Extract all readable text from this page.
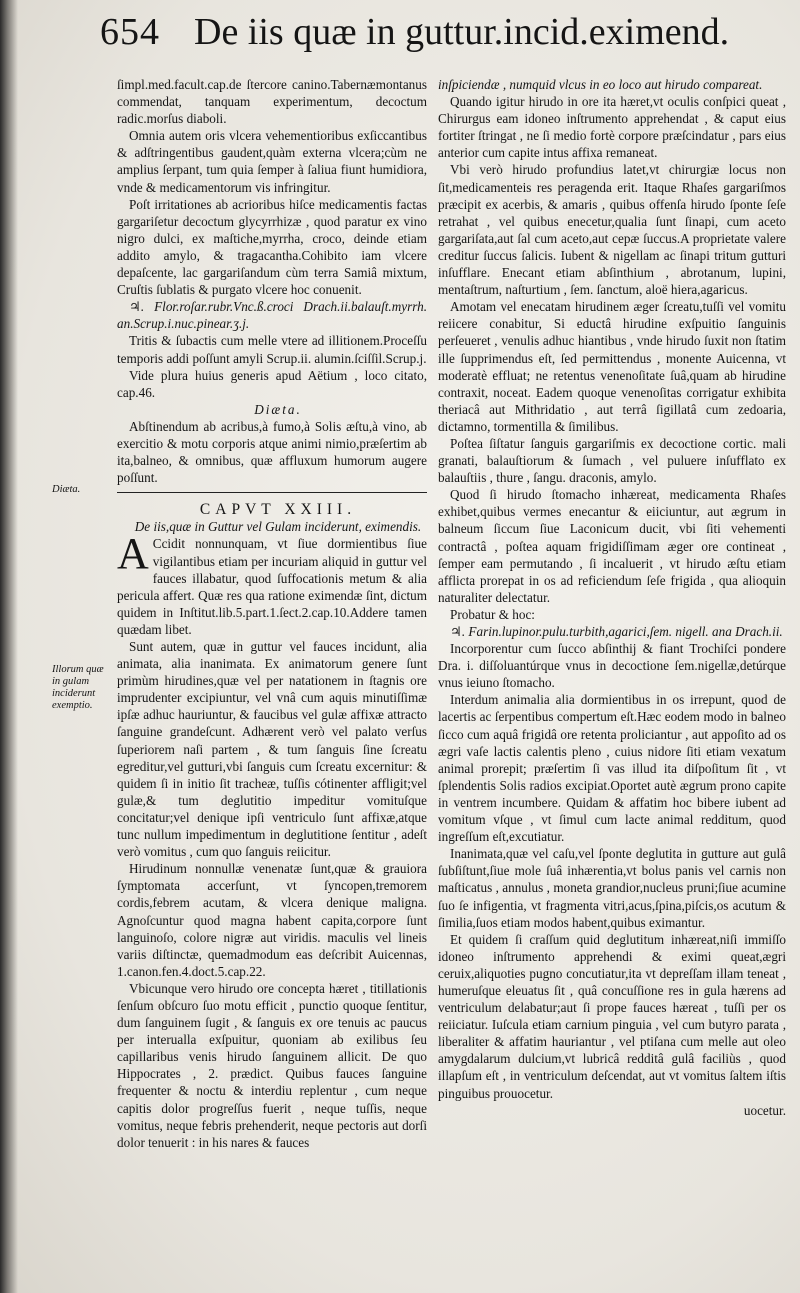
654 De iis quæ in guttur.incid.eximend.
Diæta.
Illorum quæ in gulam inciderunt exemptio.

ſimpl.med.facult.cap.de ſtercore canino.Tabernæmontanus commendat, tanquam experimentum, decoctum radic.morſus diaboli.

Omnia autem oris vlcera vehementioribus exſiccantibus & adſtringentibus gaudent,quàm externa vlcera;cùm ne amplius ſerpant, tum quia ſemper à ſaliua fiunt humidiora, vnde & medicamentorum vis infringitur.

Poſt irritationes ab acrioribus hiſce medicamentis factas gargariſetur decoctum glycyrrhizæ , quod paratur ex vino nigro dulci, ex maſtiche,myrrha, croco, deinde etiam addito amylo, & tragacantha.Cohibito iam vlcere depaſcente, lac gargariſandum cùm terra Samiâ mixtum, Cruſtis ſublatis & purgato vlcere hoc conuenit.

♃. Flor.roſar.rubr.Vnc.ß.croci Drach.ii.balauſt.myrrh. an.Scrup.i.nuc.pinear.ʒ.j.

Tritis & ſubactis cum melle vtere ad illitionem.Proceſſu temporis addi poſſunt amyli Scrup.ii. alumin.ſciſſil.Scrup.j.

Vide plura huius generis apud Aëtium , loco citato, cap.46.

Diæta.

Abſtinendum ab acribus,à fumo,à Solis æſtu,à vino, ab exercitio & motu corporis atque animi nimio,præſertim ab ita,balneo, & omnibus, quæ affluxum humorum augere poſſunt.

CAPVT XXIII.

De iis,quæ in Guttur vel Gulam inciderunt, eximendis.

A Ccidit nonnunquam, vt ſiue dormientibus ſiue vigilantibus etiam per incuriam aliquid in guttur vel fauces illabatur, quod ſuffocationis metum & alia pericula affert. Quæ res qua ratione eximendæ ſint, dictum quidem in Inſtitut.lib.5.part.1.ſect.2.cap.10.Addere tamen quædam libet.

Sunt autem, quæ in guttur vel fauces incidunt, alia animata, alia inanimata. Ex animatorum genere ſunt primùm hirudines,quæ vel per natationem in ſtagnis ore imprudenter excipiuntur, vel vnâ cum aquis minutiſſimæ ipſæ adhuc hauriuntur, & faucibus vel gulæ affixæ attracto ſanguine grandeſcunt. Adhærent verò vel palato verſus ſuperiorem naſi partem , & tum ſanguis ſine ſcreatu egreditur,vel gutturi,vbi ſanguis cum ſcreatu excernitur: & quidem ſi in initio ſit tracheæ, tuſſis cótinenter affligit;vel gulæ,& tum deglutitio impeditur vomituſque concitatur;vel denique ipſi ventriculo ſunt affixæ,atque tunc nullum impedimentum in deglutitione ſentitur , adeſt verò vomitus , cum quo ſanguis reiicitur.

Hirudinum nonnullæ venenatæ ſunt,quæ & grauiora ſymptomata accerſunt, vt ſyncopen,tremorem cordis,febrem acutam, & vlcera denique maligna. Agnoſcuntur quod magna habent capita,corpore ſunt languinoſo, colore nigræ aut viridis. maculis vel lineis variis diſtinctæ, quemadmodum eas deſcribit Auicennas, 1.canon.fen.4.doct.5.cap.22.

Vbicunque vero hirudo ore concepta hæret , titillationis ſenſum obſcuro ſuo motu efficit , punctio quoque ſentitur, dum ſanguinem ſugit , & ſanguis ex ore tenuis ac paucus per interualla exſpuitur, quoniam ab exilibus ſeu capillaribus venis hirudo ſanguinem allicit. De quo Hippocrates , 2. prædict. Quibus fauces ſanguine frequenter & noctu & interdiu replentur , cum neque capitis dolor progreſſus fuerit , neque tuſſis, neque vomitus, neque febris prehenderit, neque pectoris aut dorſi dolor tenuerit : in his nares & fauces

inſpiciendæ , numquid vlcus in eo loco aut hirudo compareat.

Quando igitur hirudo in ore ita hæret,vt oculis conſpici queat , Chirurgus eam idoneo inſtrumento apprehendat , & caput eius fortiter ſtringat , ne ſi medio fortè corpore præſcindatur , pars eius anterior cum capite intus affixa remaneat.

Vbi verò hirudo profundius latet,vt chirurgiæ locus non ſit,medicamenteis res peragenda erit. Itaque Rhaſes gargariſmos præcipit ex acerbis, & amaris , quibus offenſa hirudo ſponte ſeſe retrahat , vel quibus enecetur,qualia ſunt ſinapi, cum aceto gargariſata,aut ſal cum aceto,aut cepæ ſuccus.A proprietate valere creditur ſuccus ſalicis. Iubent & nigellam ac ſinapi tritum gutturi inſufflare. Enecant etiam abſinthium , abrotanum, lupini, mentaſtrum, naſturtium , ſem. ſanctum, aloë hiera,agaricus.

Amotam vel enecatam hirudinem æger ſcreatu,tuſſi vel vomitu reiicere conabitur, Si eductâ hirudine exſpuitio ſanguinis perſeueret , venulis adhuc hiantibus , vnde hirudo ſuxit non ſtatim ille ſupprimendus eſt, ſed permittendus , monente Auicenna, vt moderatè effluat; ne retentus venenoſitate ſuâ,quam ab hirudine contraxit, noceat. Eadem quoque venenoſitas corrigatur exhibita theriacâ aut Mithridatio , aut terrâ ſigillatâ cum zedoaria, dictamno, tormentilla & ſimilibus.

Poſtea ſiſtatur ſanguis gargariſmis ex decoctione cortic. mali granati, balauſtiorum & ſumach , vel puluere inſufflato ex balauſtiis , thure , ſangu. draconis, amylo.

Quod ſi hirudo ſtomacho inhæreat, medicamenta Rhaſes exhibet,quibus vermes enecantur & eiiciuntur, aut ægrum in balneum ſiccum ſiue Laconicum ducit, vbi ſiti vehementi contractâ , poſtea aquam frigidiſſimam æger ore contineat , ſemper eam permutando , ſi incaluerit , vt hirudo æſtu etiam afflicta prorepat in os ad reficiendum ſeſe frigida , qua alioquin naturaliter delectatur.

Probatur & hoc:

♃. Farin.lupinor.pulu.turbith,agarici,ſem. nigell. ana Drach.ii.

Incorporentur cum ſucco abſinthij & fiant Trochiſci pondere Dra. i. diſſoluantúrque vnus in decoctione ſem.nigellæ,detúrque vnus ieiuno ſtomacho.

Interdum animalia alia dormientibus in os irrepunt, quod de lacertis ac ſerpentibus compertum eſt.Hæc eodem modo in balneo ſicco cum aquâ frigidâ ore retenta proliciantur , aut appoſito ad os ægri vaſe lactis calentis pleno , cuius nidore ſiti etiam vexatum animal prorepit; præſertim ſi vas illud ita diſpoſitum ſit , vt ſplendentis Solis radios excipiat.Oportet autè ægrum prono capite in ventrem incumbere. Quidam & affatim hoc bibere iubent ad vomitum vſque , vt ſimul cum lacte animal redditum, quod ingreſſum eſt,excutiatur.

Inanimata,quæ vel caſu,vel ſponte deglutita in gutture aut gulâ ſubſiſtunt,ſiue mole ſuâ inhærentia,vt bolus panis vel carnis non maſticatus , annulus , moneta grandior,nucleus pruni;ſiue acumine ſuo ſe infigentia, vt fragmenta vitri,acus,ſpina,piſcis,os acutum & ſimilia,ſuos etiam modos habent,quibus eximantur.

Et quidem ſi craſſum quid deglutitum inhæreat,niſi immiſſo idoneo inſtrumento apprehendi & eximi queat,ægri ceruix,aliquoties pugno concutiatur,ita vt depreſſam illam teneat , humeruſque eleuatus ſit , quâ concuſſione res in gula hærens ad ventriculum delabatur;aut ſi prope fauces hæreat , tuſſi per os reiiciatur. Iuſcula etiam carnium pinguia , vel cum butyro parata , liberaliter & affatim hauriantur , vel ptiſana cum melle aut oleo amygdalarum dulcium,vt lubricâ redditâ gulâ faciliùs , quod illapſum eſt , in ventriculum deſcendat, aut vt vomitus ſaltem iſtis pinguibus prouocetur.

uocetur.
